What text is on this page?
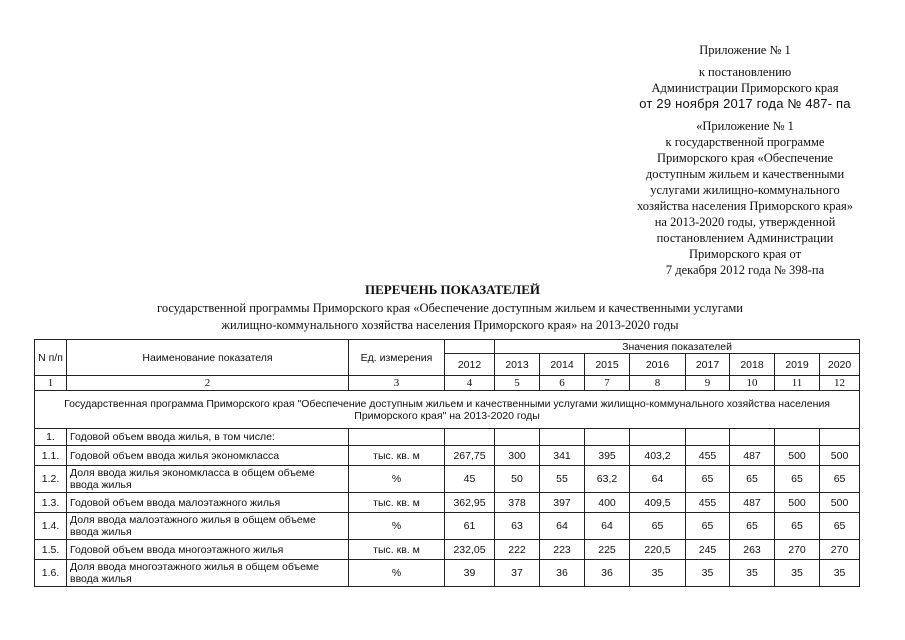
Приложение № 1
к постановлению
Администрации Приморского края
от 29 ноября 2017 года № 487- па
«Приложение № 1
к государственной программе
Приморского края «Обеспечение
доступным жильем и качественными
услугами жилищно-коммунального
хозяйства населения Приморского края»
на 2013-2020 годы, утвержденной
постановлением Администрации
Приморского края от
7 декабря 2012 года № 398-па
ПЕРЕЧЕНЬ ПОКАЗАТЕЛЕЙ
государственной программы Приморского края «Обеспечение доступным жильем и качественными услугами
жилищно-коммунального хозяйства населения Приморского края» на 2013-2020 годы
N п/п	Наименование показателя	Ед. измерения		Значения показателей							
			2012	2013	2014	2015	2016	2017	2018	2019	2020
1	2	3	4	5	6	7	8	9	10	11	12
Государственная программа Приморского края "Обеспечение доступным жильем и качественными услугами жилищно-коммунального хозяйства населения Приморского края" на 2013-2020 годы											
1.	Годовой объем ввода жилья, в том числе:										
1.1.	Годовой объем ввода жилья экономкласса	тыс. кв. м	267,75	300	341	395	403,2	455	487	500	500
1.2.	Доля ввода жилья экономкласса в общем объеме ввода жилья	%	45	50	55	63,2	64	65	65	65	65
1.3.	Годовой объем ввода малоэтажного жилья	тыс. кв. м	362,95	378	397	400	409,5	455	487	500	500
1.4.	Доля ввода малоэтажного жилья в общем объеме ввода жилья	%	61	63	64	64	65	65	65	65	65
1.5.	Годовой объем ввода многоэтажного жилья	тыс. кв. м	232,05	222	223	225	220,5	245	263	270	270
1.6.	Доля ввода многоэтажного жилья в общем объеме ввода жилья	%	39	37	36	36	35	35	35	35	35
